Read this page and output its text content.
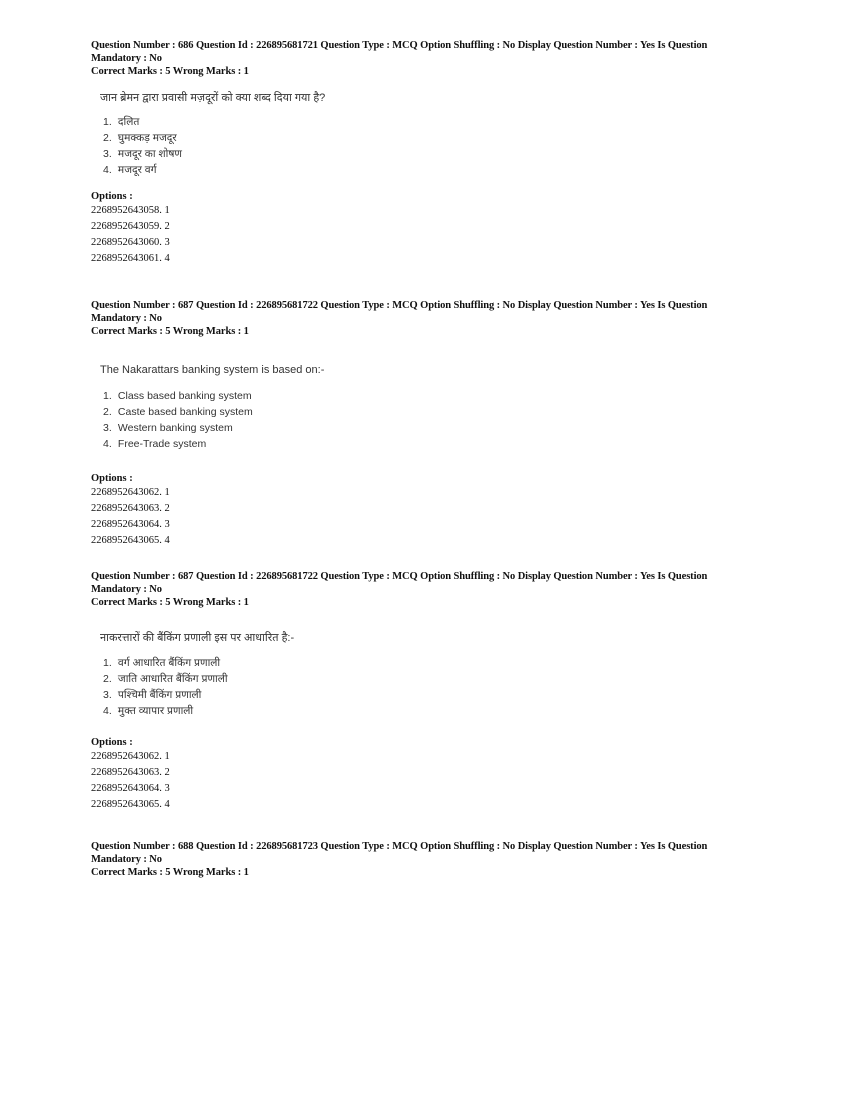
Question Number : 686 Question Id : 226895681721 Question Type : MCQ Option Shuffling : No Display Question Number : Yes Is Question
Mandatory : No
Correct Marks : 5 Wrong Marks : 1
जान ब्रेमन द्वारा प्रवासी मज़दूरों को क्या शब्द दिया गया है?
1. दलित
2. घुमक्कड़ मजदूर
3. मजदूर का शोषण
4. मजदूर वर्ग
Options :
2268952643058. 1
2268952643059. 2
2268952643060. 3
2268952643061. 4
Question Number : 687 Question Id : 226895681722 Question Type : MCQ Option Shuffling : No Display Question Number : Yes Is Question
Mandatory : No
Correct Marks : 5 Wrong Marks : 1
The Nakarattars banking system is based on:-
1. Class based banking system
2. Caste based banking system
3. Western banking system
4. Free-Trade system
Options :
2268952643062. 1
2268952643063. 2
2268952643064. 3
2268952643065. 4
Question Number : 687 Question Id : 226895681722 Question Type : MCQ Option Shuffling : No Display Question Number : Yes Is Question
Mandatory : No
Correct Marks : 5 Wrong Marks : 1
नाकरत्तारों की बैंकिंग प्रणाली इस पर आधारित है:-
1. वर्ग आधारित बैंकिंग प्रणाली
2. जाति आधारित बैंकिंग प्रणाली
3. पश्चिमी बैंकिंग प्रणाली
4. मुक्त व्यापार प्रणाली
Options :
2268952643062. 1
2268952643063. 2
2268952643064. 3
2268952643065. 4
Question Number : 688 Question Id : 226895681723 Question Type : MCQ Option Shuffling : No Display Question Number : Yes Is Question
Mandatory : No
Correct Marks : 5 Wrong Marks : 1
